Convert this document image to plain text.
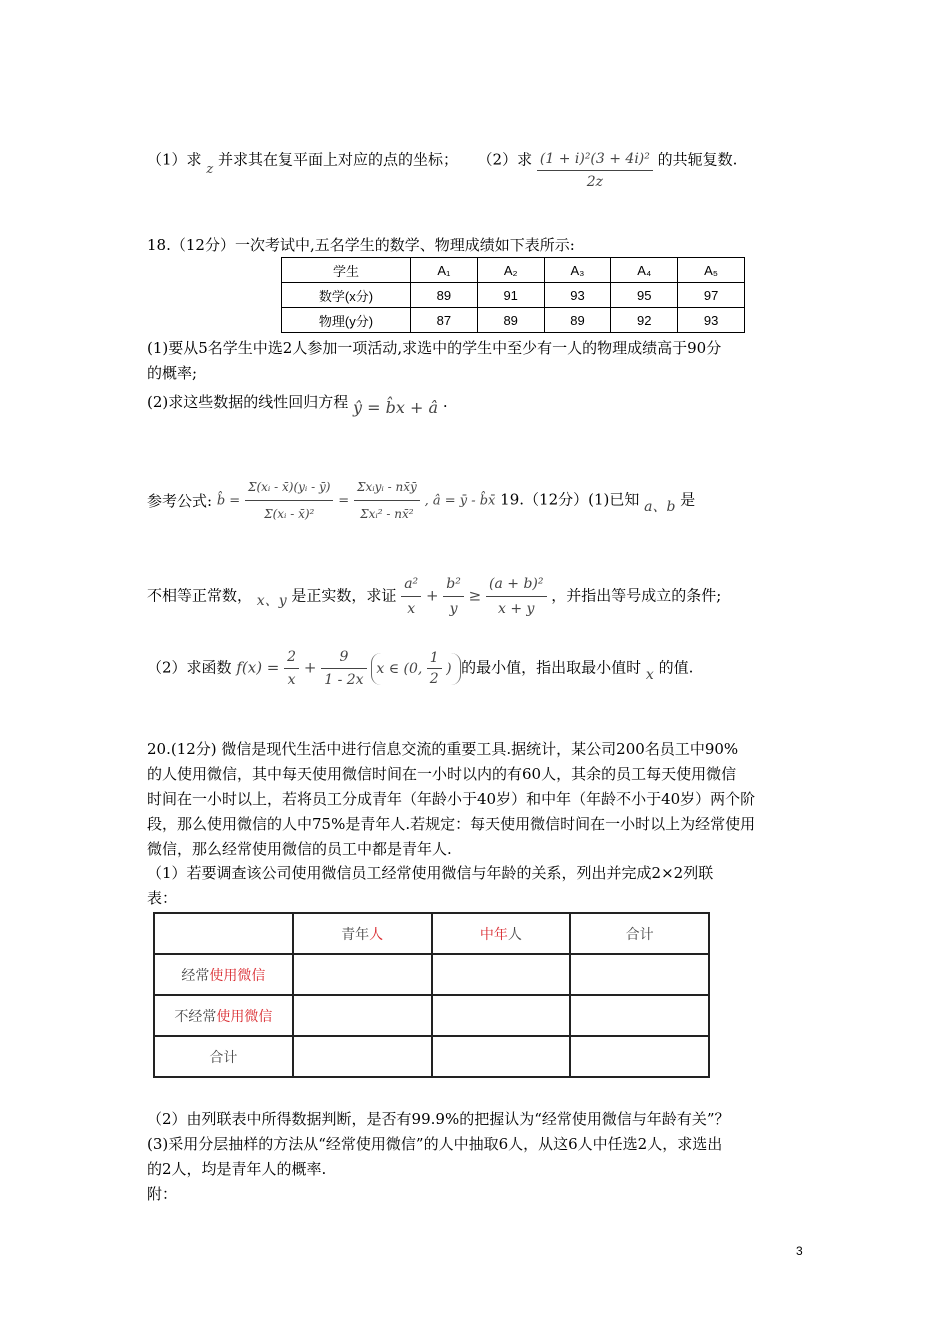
（1）求 z 并求其在复平面上对应的点的坐标； （2）求 $\frac{\text{(1 + i)²(3 + 4i)²}}{2z}$ 的共轭复数.
18.（12分）一次考试中,五名学生的数学、物理成绩如下表所示:
学生	A₁	A₂	A₃	A₄	A₅
数学(x分)	89	91	93	95	97
物理(y分)	87	89	89	92	93
(1)要从5名学生中选2人参加一项活动,求选中的学生中至少有一人的物理成绩高于90分
的概率;
(2)求这些数据的线性回归方程 ŷ = b̂x + â .
参考公式: b̂ = $\frac{\text{Σ(xᵢ - x̄)(yᵢ - ȳ)}}{\text{Σ(xᵢ - x̄)²}} = \frac{\text{Σxᵢyᵢ - nx̄ȳ}}{\text{Σxᵢ² - nx̄²}}$ , â = ȳ - b̂x̄ 19.（12分）(1)已知 a、b 是
不相等正常数， x、y 是正实数，求证 $\frac{\text{a²}}{x} + \frac{\text{b²}}{y} \ge \frac{\text{(a + b)²}}{x + y}$ ，并指出等号成立的条件;
（2）求函数 $f(x) = \frac{2}{x} + \frac{9}{1 - 2x}$ x ∈ (0, $\frac{1}{2}$ ) 的最小值，指出取最小值时 x 的值.
20.(12分) 微信是现代生活中进行信息交流的重要工具.据统计，某公司200名员工中90%
的人使用微信，其中每天使用微信时间在一小时以内的有60人，其余的员工每天使用微信
时间在一小时以上，若将员工分成青年（年龄小于40岁）和中年（年龄不小于40岁）两个阶
段，那么使用微信的人中75%是青年人.若规定：每天使用微信时间在一小时以上为经常使用
微信，那么经常使用微信的员工中都是青年人.
（1）若要调查该公司使用微信员工经常使用微信与年龄的关系，列出并完成2×2列联
表：
	青年人	中年人	合计
经常使用微信			
不经常使用微信			
合计			
（2）由列联表中所得数据判断，是否有99.9%的把握认为“经常使用微信与年龄有关”？
(3)采用分层抽样的方法从“经常使用微信”的人中抽取6人，从这6人中任选2人，求选出
的2人，均是青年人的概率.
附：
3
